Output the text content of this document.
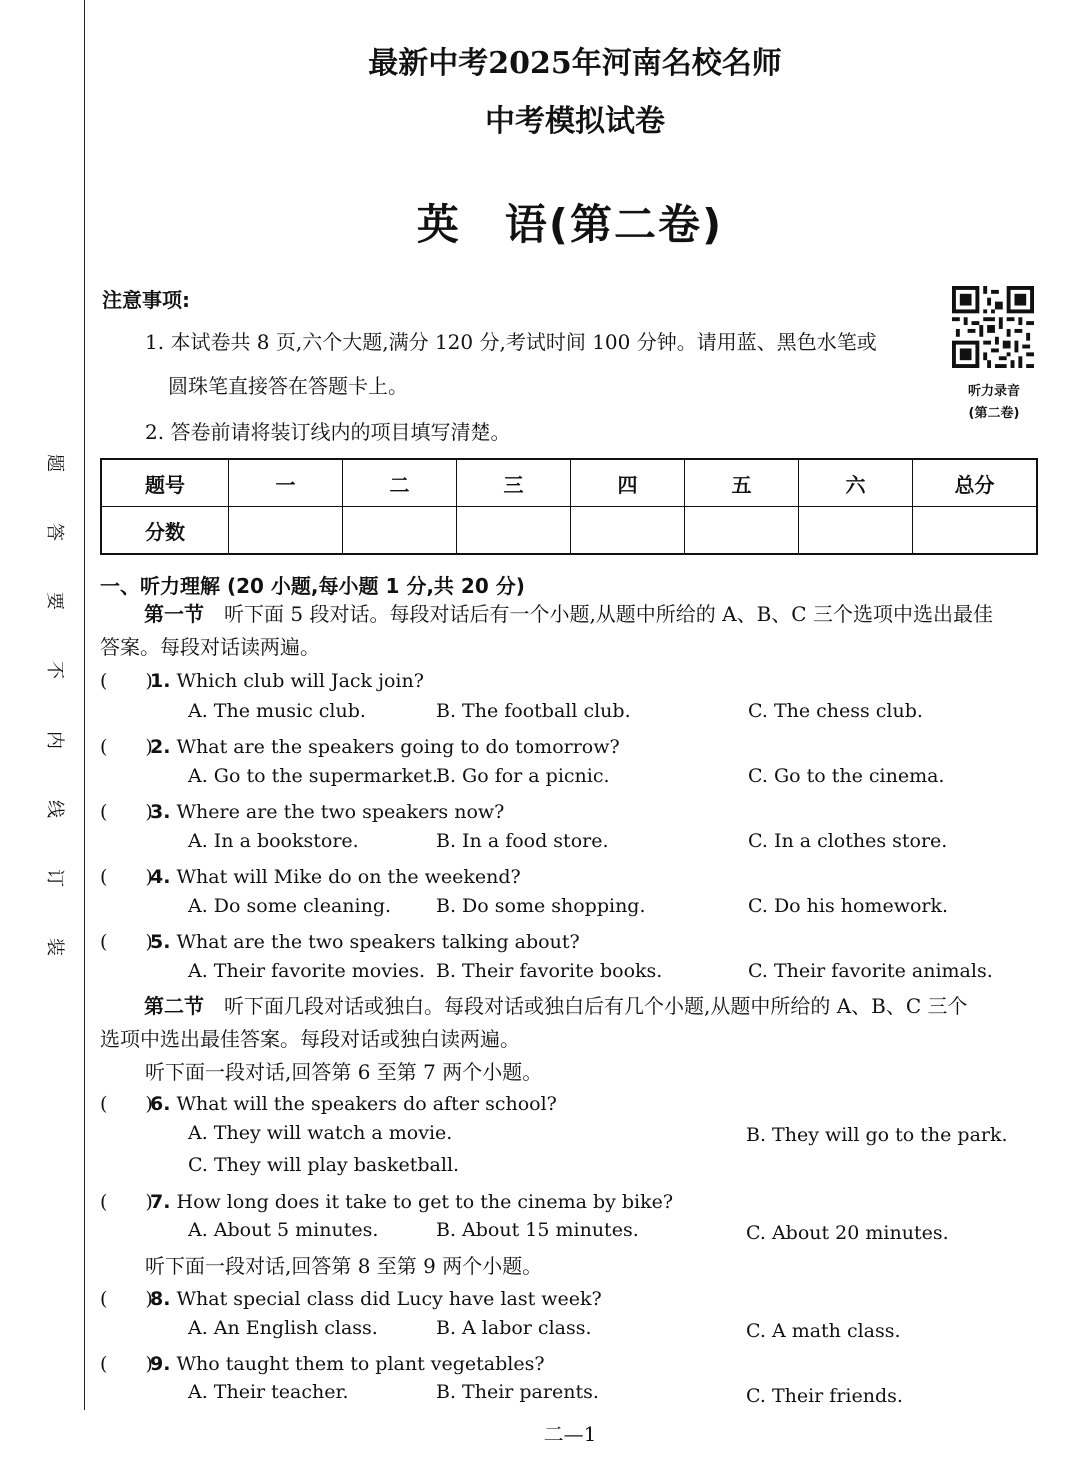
题
答
要
不
内
线
订
装
最新中考2025年河南名校名师
中考模拟试卷
英　语(第二卷)
注意事项:
1. 本试卷共 8 页,六个大题,满分 120 分,考试时间 100 分钟。请用蓝、黑色水笔或
圆珠笔直接答在答题卡上。
2. 答卷前请将装订线内的项目填写清楚。
听力录音
(第二卷)
题号	一	二	三	四	五	六	总分
分数							
一、听力理解 (20 小题,每小题 1 分,共 20 分)
第一节　听下面 5 段对话。每段对话后有一个小题,从题中所给的 A、B、C 三个选项中选出最佳
答案。每段对话读两遍。
(　　)1. Which club will Jack join?
A. The music club.	B. The football club.	C. The chess club.
(　　)2. What are the speakers going to do tomorrow?
A. Go to the supermarket.
B. Go for a picnic.	C. Go to the cinema.
(　　)3. Where are the two speakers now?
A. In a bookstore.	B. In a food store.	C. In a clothes store.
(　　)4. What will Mike do on the weekend?
A. Do some cleaning. B. Do some shopping.	C. Do his homework.
(　　)5. What are the two speakers talking about?
A. Their favorite movies. B. Their favorite books.	C. Their favorite animals.
第二节　听下面几段对话或独白。每段对话或独白后有几个小题,从题中所给的 A、B、C 三个
选项中选出最佳答案。每段对话或独白读两遍。
听下面一段对话,回答第 6 至第 7 两个小题。
(　　)6. What will the speakers do after school?
A. They will watch a movie.	B. They will go to the park.
C. They will play basketball.
(　　)7. How long does it take to get to the cinema by bike?
A. About 5 minutes.	B. About 15 minutes.	C. About 20 minutes.
听下面一段对话,回答第 8 至第 9 两个小题。
(　　)8. What special class did Lucy have last week?
A. An English class.	B. A labor class.	C. A math class.
(　　)9. Who taught them to plant vegetables?
A. Their teacher.	B. Their parents.	C. Their friends.
二—1
